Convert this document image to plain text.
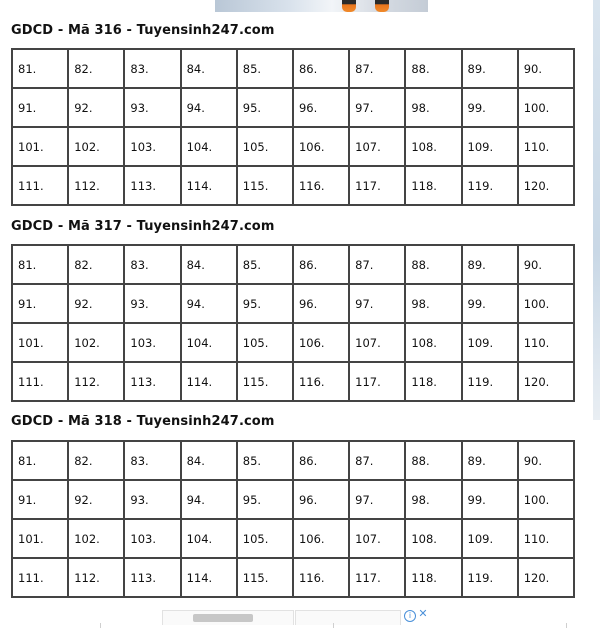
GDCD - Mã 316 - Tuyensinh247.com
81.	82.	83.	84.	85.	86.	87.	88.	89.	90.
91.	92.	93.	94.	95.	96.	97.	98.	99.	100.
101.	102.	103.	104.	105.	106.	107.	108.	109.	110.
111.	112.	113.	114.	115.	116.	117.	118.	119.	120.
GDCD - Mã 317 - Tuyensinh247.com
81.	82.	83.	84.	85.	86.	87.	88.	89.	90.
91.	92.	93.	94.	95.	96.	97.	98.	99.	100.
101.	102.	103.	104.	105.	106.	107.	108.	109.	110.
111.	112.	113.	114.	115.	116.	117.	118.	119.	120.
GDCD - Mã 318 - Tuyensinh247.com
81.	82.	83.	84.	85.	86.	87.	88.	89.	90.
91.	92.	93.	94.	95.	96.	97.	98.	99.	100.
101.	102.	103.	104.	105.	106.	107.	108.	109.	110.
111.	112.	113.	114.	115.	116.	117.	118.	119.	120.
i ✕
